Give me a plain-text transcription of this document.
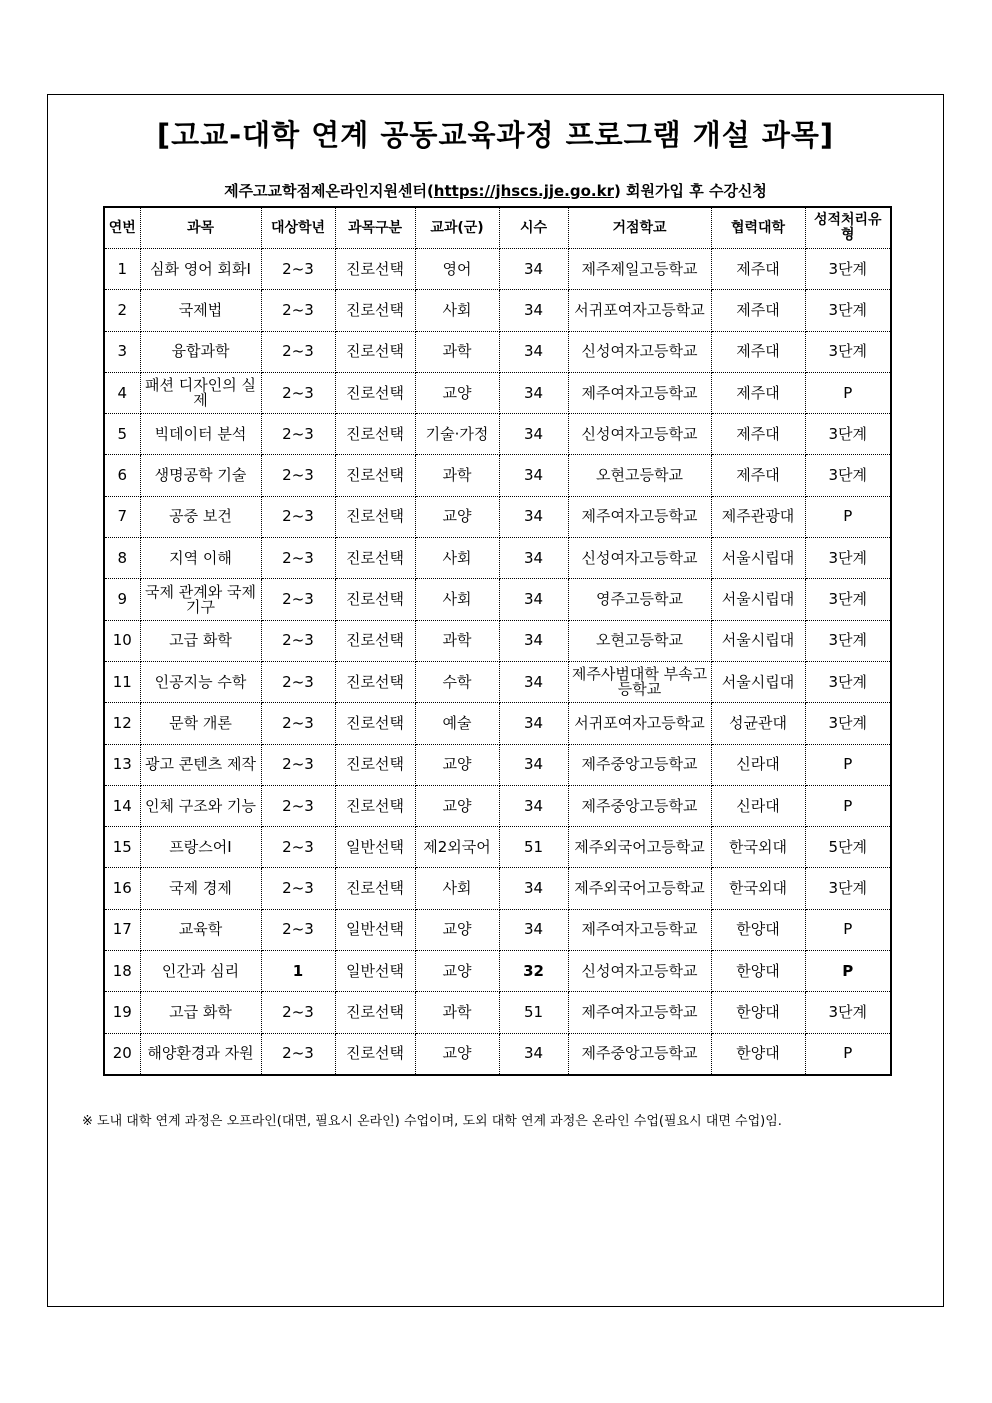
[고교-대학 연계 공동교육과정 프로그램 개설 과목]
제주고교학점제온라인지원센터(https://jhscs.jje.go.kr) 회원가입 후 수강신청
연번	과목	대상학년	과목구분	교과(군)	시수	거점학교	협력대학	성적처리유형
1	심화 영어 회화Ⅰ	2~3	진로선택	영어	34	제주제일고등학교	제주대	3단계
2	국제법	2~3	진로선택	사회	34	서귀포여자고등학교	제주대	3단계
3	융합과학	2~3	진로선택	과학	34	신성여자고등학교	제주대	3단계
4	패션 디자인의 실제	2~3	진로선택	교양	34	제주여자고등학교	제주대	P
5	빅데이터 분석	2~3	진로선택	기술·가정	34	신성여자고등학교	제주대	3단계
6	생명공학 기술	2~3	진로선택	과학	34	오현고등학교	제주대	3단계
7	공중 보건	2~3	진로선택	교양	34	제주여자고등학교	제주관광대	P
8	지역 이해	2~3	진로선택	사회	34	신성여자고등학교	서울시립대	3단계
9	국제 관계와 국제기구	2~3	진로선택	사회	34	영주고등학교	서울시립대	3단계
10	고급 화학	2~3	진로선택	과학	34	오현고등학교	서울시립대	3단계
11	인공지능 수학	2~3	진로선택	수학	34	제주사범대학 부속고등학교	서울시립대	3단계
12	문학 개론	2~3	진로선택	예술	34	서귀포여자고등학교	성균관대	3단계
13	광고 콘텐츠 제작	2~3	진로선택	교양	34	제주중앙고등학교	신라대	P
14	인체 구조와 기능	2~3	진로선택	교양	34	제주중앙고등학교	신라대	P
15	프랑스어Ⅰ	2~3	일반선택	제2외국어	51	제주외국어고등학교	한국외대	5단계
16	국제 경제	2~3	진로선택	사회	34	제주외국어고등학교	한국외대	3단계
17	교육학	2~3	일반선택	교양	34	제주여자고등학교	한양대	P
18	인간과 심리	1	일반선택	교양	32	신성여자고등학교	한양대	P
19	고급 화학	2~3	진로선택	과학	51	제주여자고등학교	한양대	3단계
20	해양환경과 자원	2~3	진로선택	교양	34	제주중앙고등학교	한양대	P
※ 도내 대학 연계 과정은 오프라인(대면, 필요시 온라인) 수업이며, 도외 대학 연계 과정은 온라인 수업(필요시 대면 수업)임.
